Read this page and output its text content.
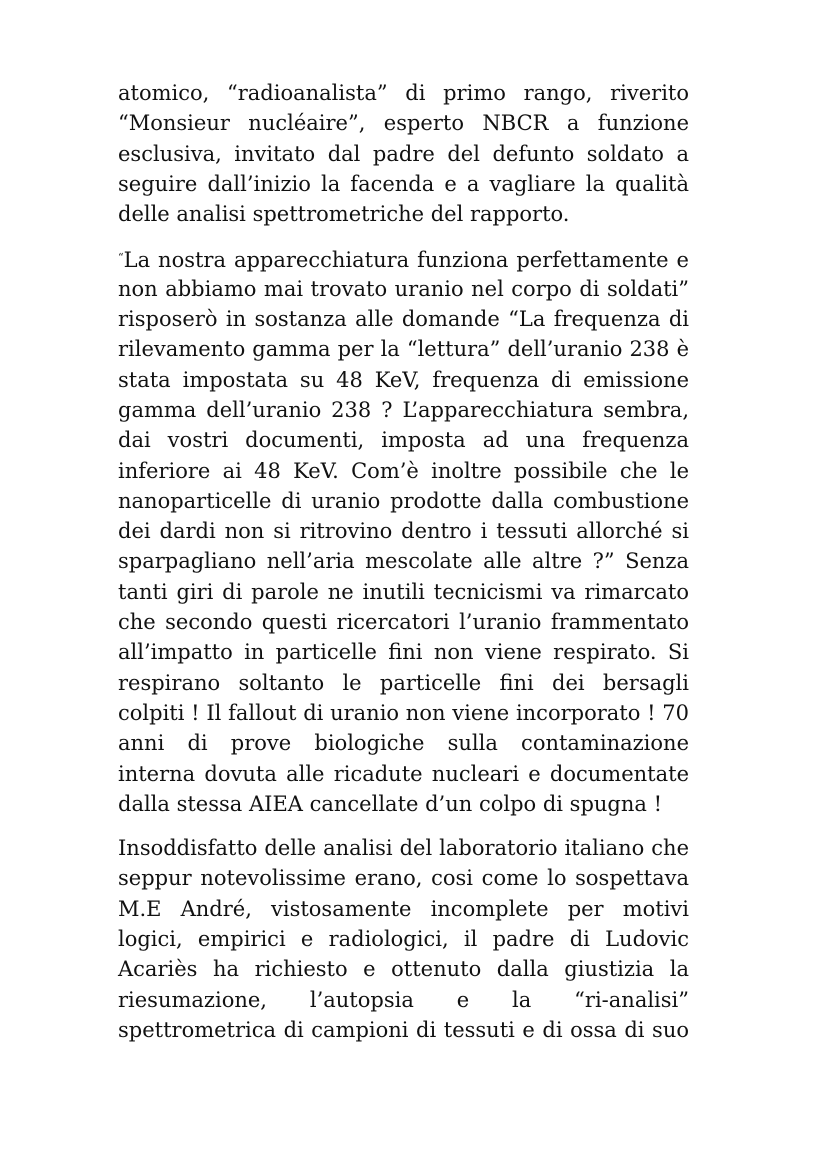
atomico, “radioanalista” di primo rango, riverito
“Monsieur nucléaire”, esperto NBCR a funzione
esclusiva, invitato dal padre del defunto soldato a
seguire dall’inizio la facenda e a vagliare la qualità
delle analisi spettrometriche del rapporto.
“La nostra apparecchiatura funziona perfettamente e
non abbiamo mai trovato uranio nel corpo di soldati”
risposerò in sostanza alle domande “La frequenza di
rilevamento gamma per la “lettura” dell’uranio 238 è
stata impostata su 48 KeV, frequenza di emissione
gamma dell’uranio 238 ? L’apparecchiatura sembra,
dai vostri documenti, imposta ad una frequenza
inferiore ai 48 KeV. Com’è inoltre possibile che le
nanoparticelle di uranio prodotte dalla combustione
dei dardi non si ritrovino dentro i tessuti allorché si
sparpagliano nell’aria mescolate alle altre ?” Senza
tanti giri di parole ne inutili tecnicismi va rimarcato
che secondo questi ricercatori l’uranio frammentato
all’impatto in particelle fini non viene respirato. Si
respirano soltanto le particelle fini dei bersagli
colpiti ! Il fallout di uranio non viene incorporato ! 70
anni di prove biologiche sulla contaminazione
interna dovuta alle ricadute nucleari e documentate
dalla stessa AIEA cancellate d’un colpo di spugna !
Insoddisfatto delle analisi del laboratorio italiano che
seppur notevolissime erano, cosi come lo sospettava
M.E André, vistosamente incomplete per motivi
logici, empirici e radiologici, il padre di Ludovic
Acariès ha richiesto e ottenuto dalla giustizia la
riesumazione, l’autopsia e la “ri-analisi”
spettrometrica di campioni di tessuti e di ossa di suo
